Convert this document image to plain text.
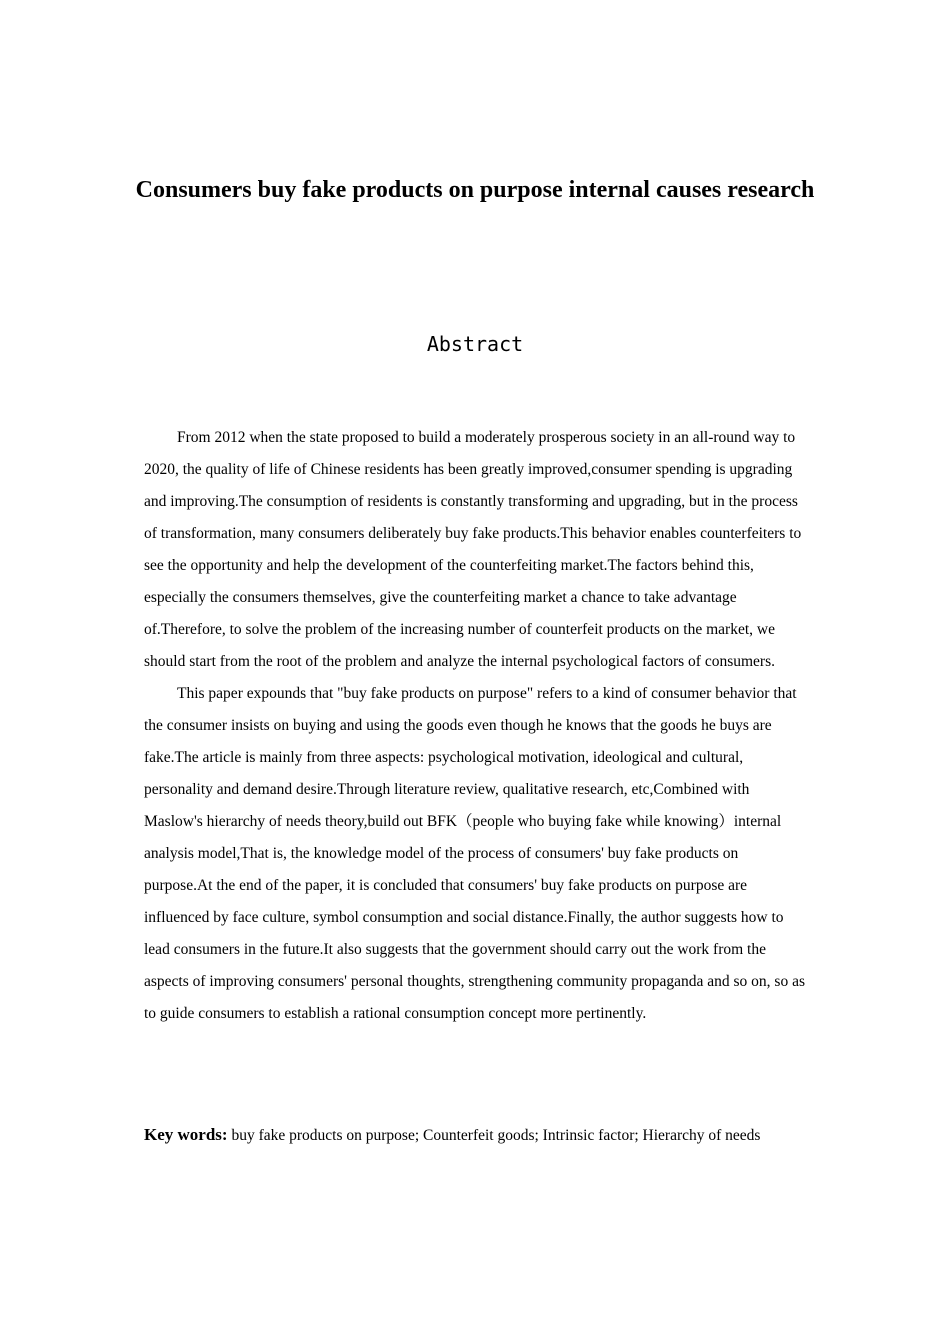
Consumers buy fake products on purpose internal causes research
Abstract

From 2012 when the state proposed to build a moderately prosperous society in an all-round way to 2020, the quality of life of Chinese residents has been greatly improved,consumer spending is upgrading and improving.The consumption of residents is constantly transforming and upgrading, but in the process of transformation, many consumers deliberately buy fake products.This behavior enables counterfeiters to see the opportunity and help the development of the counterfeiting market.The factors behind this, especially the consumers themselves, give the counterfeiting market a chance to take advantage of.Therefore, to solve the problem of the increasing number of counterfeit products on the market, we should start from the root of the problem and analyze the internal psychological factors of consumers.

This paper expounds that "buy fake products on purpose" refers to a kind of consumer behavior that the consumer insists on buying and using the goods even though he knows that the goods he buys are fake.The article is mainly from three aspects: psychological motivation, ideological and cultural, personality and demand desire.Through literature review, qualitative research, etc,Combined with Maslow's hierarchy of needs theory,build out BFK（people who buying fake while knowing）internal analysis model,That is, the knowledge model of the process of consumers' buy fake products on purpose.At the end of the paper, it is concluded that consumers' buy fake products on purpose are influenced by face culture, symbol consumption and social distance.Finally, the author suggests how to lead consumers in the future.It also suggests that the government should carry out the work from the aspects of improving consumers' personal thoughts, strengthening community propaganda and so on, so as to guide consumers to establish a rational consumption concept more pertinently.

Key words: buy fake products on purpose; Counterfeit goods; Intrinsic factor; Hierarchy of needs
